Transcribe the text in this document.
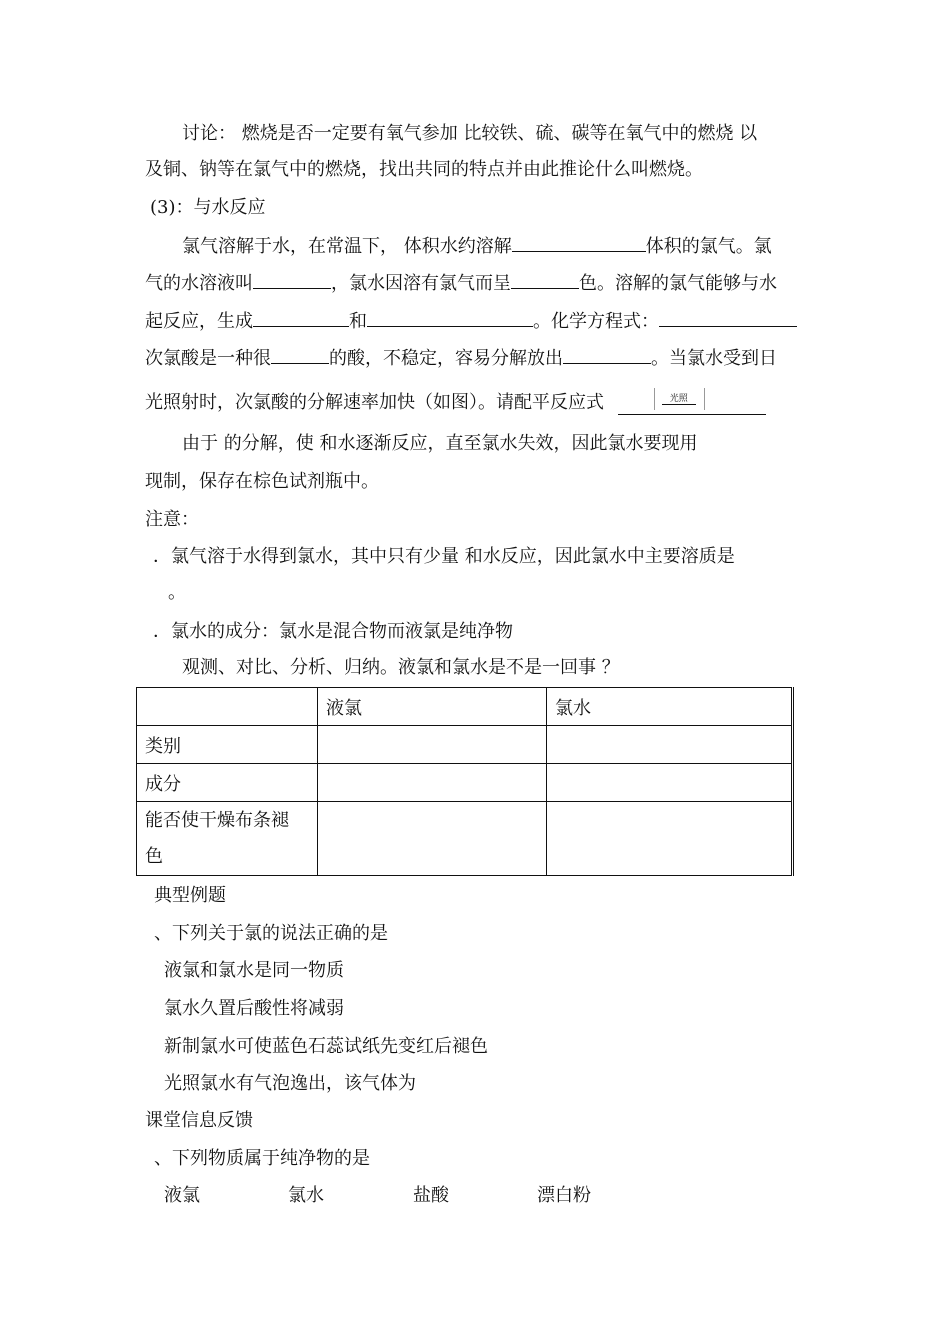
讨论： 燃烧是否一定要有氧气参加 比较铁、硫、碳等在氧气中的燃烧 以
及铜、钠等在氯气中的燃烧，找出共同的特点并由此推论什么叫燃烧。
(3)：与水反应
氯气溶解于水，在常温下， 体积水约溶解	体积的氯气。氯
气的水溶液叫	，氯水因溶有氯气而呈	色。溶解的氯气能够与水
起反应，生成	和	。化学方程式：
次氯酸是一种很	的酸，不稳定，容易分解放出	。当氯水受到日
光照射时，次氯酸的分解速率加快（如图）。请配平反应式	光照
由于 的分解，使 和水逐渐反应，直至氯水失效，因此氯水要现用
现制，保存在棕色试剂瓶中。
注意：
．氯气溶于水得到氯水，其中只有少量 和水反应，因此氯水中主要溶质是
。
．氯水的成分：氯水是混合物而液氯是纯净物
观测、对比、分析、归纳。液氯和氯水是不是一回事 ？
	液氯	氯水
类别		
成分		

能否使干燥布条褪
色		

典型例题
、下列关于氯的说法正确的是
液氯和氯水是同一物质
氯水久置后酸性将减弱
新制氯水可使蓝色石蕊试纸先变红后褪色
光照氯水有气泡逸出，该气体为
课堂信息反馈
、下列物质属于纯净物的是
液氯	氯水	盐酸	漂白粉
